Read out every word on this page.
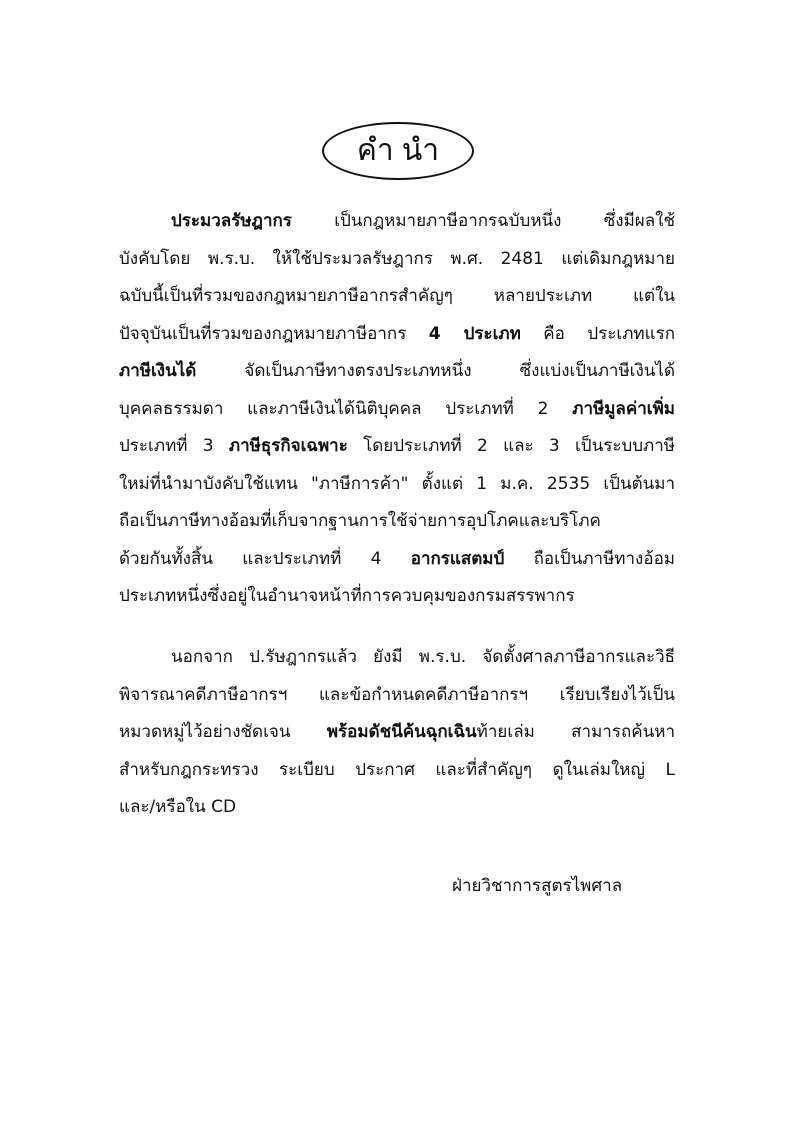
คำนำ
ประมวลรัษฎากร เป็นกฎหมายภาษีอากรฉบับหนึ่ง ซึ่งมีผลใช้
บังคับโดย พ.ร.บ. ให้ใช้ประมวลรัษฎากร พ.ศ. 2481 แต่เดิมกฎหมาย
ฉบับนี้เป็นที่รวมของกฎหมายภาษีอากรสำคัญๆ หลายประเภท แต่ใน
ปัจจุบันเป็นที่รวมของกฎหมายภาษีอากร 4 ประเภท คือ ประเภทแรก
ภาษีเงินได้ จัดเป็นภาษีทางตรงประเภทหนึ่ง ซึ่งแบ่งเป็นภาษีเงินได้
บุคคลธรรมดา และภาษีเงินได้นิติบุคคล ประเภทที่ 2 ภาษีมูลค่าเพิ่ม
ประเภทที่ 3 ภาษีธุรกิจเฉพาะ โดยประเภทที่ 2 และ 3 เป็นระบบภาษี
ใหม่ที่นำมาบังคับใช้แทน "ภาษีการค้า" ตั้งแต่ 1 ม.ค. 2535 เป็นต้นมา
ถือเป็นภาษีทางอ้อมที่เก็บจากฐานการใช้จ่ายการอุปโภคและบริโภค
ด้วยกันทั้งสิ้น และประเภทที่ 4 อากรแสตมป์ ถือเป็นภาษีทางอ้อม
ประเภทหนึ่งซึ่งอยู่ในอำนาจหน้าที่การควบคุมของกรมสรรพากร
นอกจาก ป.รัษฎากรแล้ว ยังมี พ.ร.บ. จัดตั้งศาลภาษีอากรและวิธี
พิจารณาคดีภาษีอากรฯ และข้อกำหนดคดีภาษีอากรฯ เรียบเรียงไว้เป็น
หมวดหมู่ไว้อย่างชัดเจน พร้อมดัชนีค้นฉุกเฉินท้ายเล่ม สามารถค้นหา
สำหรับกฎกระทรวง ระเบียบ ประกาศ และที่สำคัญๆ ดูในเล่มใหญ่ L
และ/หรือใน CD
ฝ่ายวิชาการสูตรไพศาล
